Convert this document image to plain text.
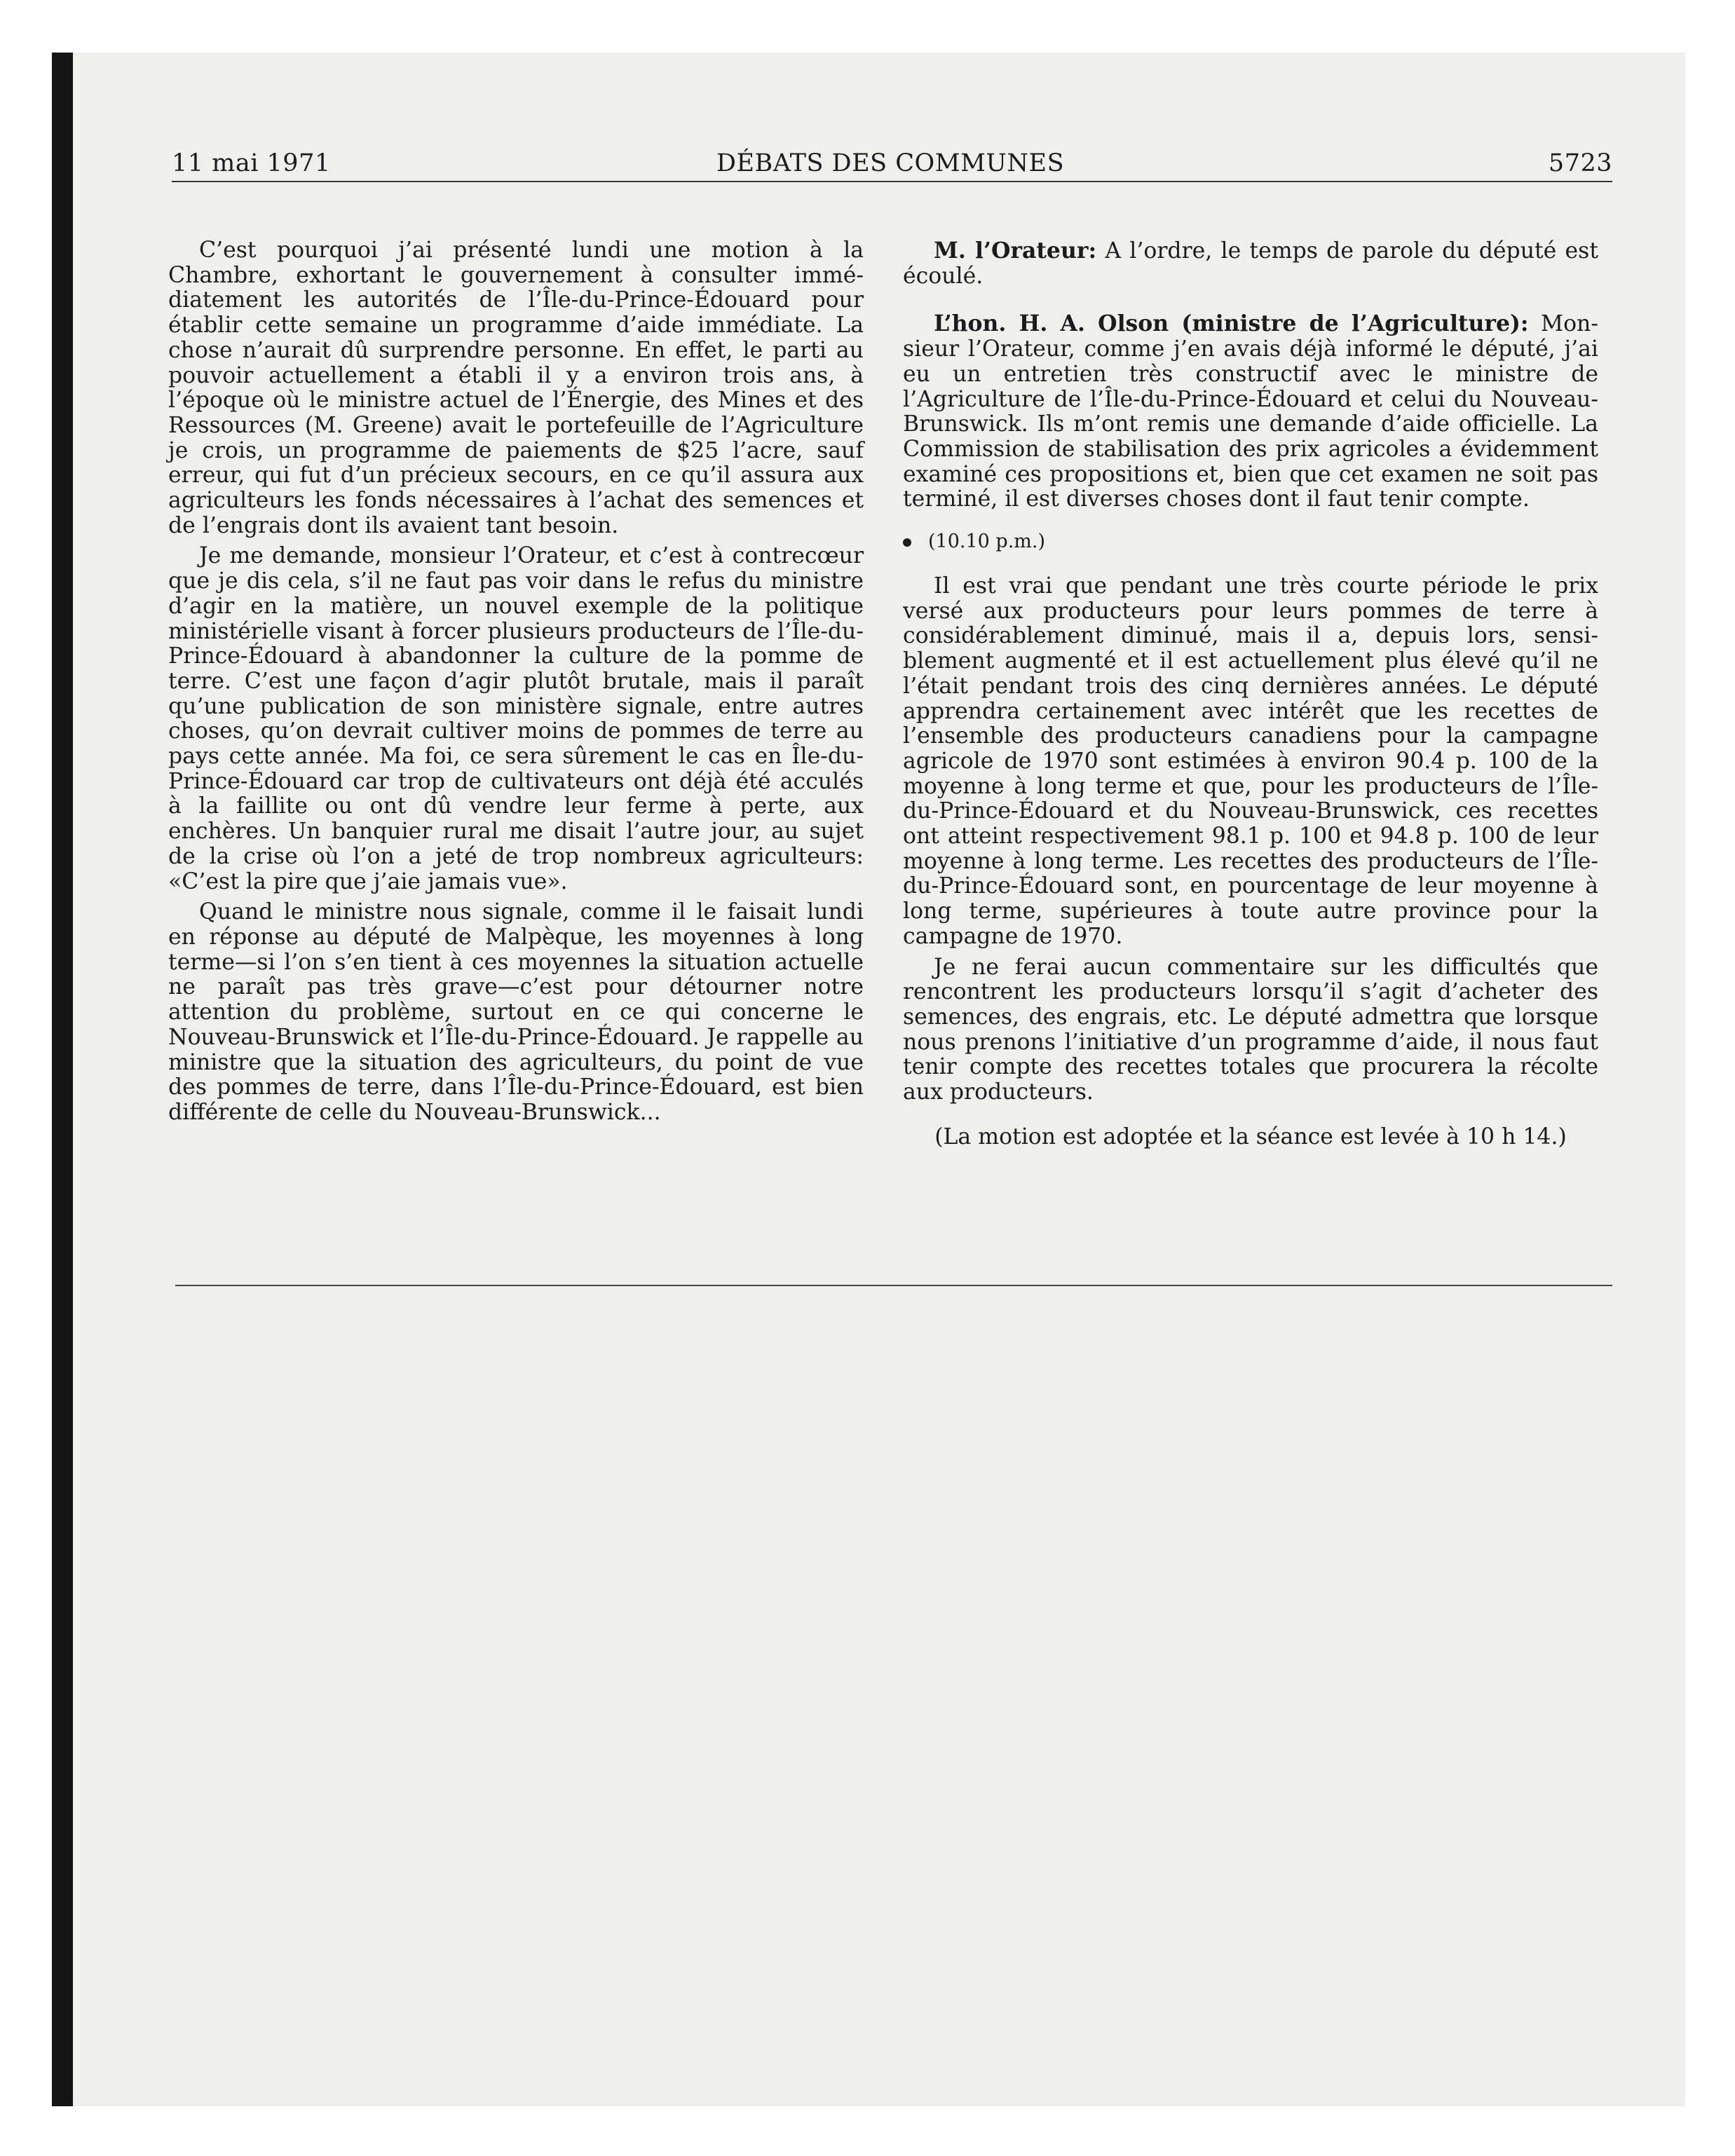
11 mai 1971	DÉBATS DES COMMUNES	5723

C’est pourquoi j’ai présenté lundi une motion à la Chambre, exhortant le gouvernement à consulter immédiatement les autorités de l’Île-du-Prince-Édouard pour établir cette semaine un programme d’aide immédiate. La chose n’aurait dû surprendre personne. En effet, le parti au pouvoir actuellement a établi il y a environ trois ans, à l’époque où le ministre actuel de l’Énergie, des Mines et des Ressources (M. Greene) avait le portefeuille de l’Agriculture je crois, un programme de paiements de $25 l’acre, sauf erreur, qui fut d’un précieux secours, en ce qu’il assura aux agriculteurs les fonds nécessaires à l’achat des semences et de l’engrais dont ils avaient tant besoin.

Je me demande, monsieur l’Orateur, et c’est à contrecœur que je dis cela, s’il ne faut pas voir dans le refus du ministre d’agir en la matière, un nouvel exemple de la politique ministérielle visant à forcer plusieurs producteurs de l’Île-du-Prince-Édouard à abandonner la culture de la pomme de terre. C’est une façon d’agir plutôt brutale, mais il paraît qu’une publication de son ministère signale, entre autres choses, qu’on devrait cultiver moins de pommes de terre au pays cette année. Ma foi, ce sera sûrement le cas en Île-du-Prince-Édouard car trop de cultivateurs ont déjà été acculés à la faillite ou ont dû vendre leur ferme à perte, aux enchères. Un banquier rural me disait l’autre jour, au sujet de la crise où l’on a jeté de trop nombreux agriculteurs: «C’est la pire que j’aie jamais vue».

Quand le ministre nous signale, comme il le faisait lundi en réponse au député de Malpèque, les moyennes à long terme—si l’on s’en tient à ces moyennes la situation actuelle ne paraît pas très grave—c’est pour détourner notre attention du problème, surtout en ce qui concerne le Nouveau-Brunswick et l’Île-du-Prince-Édouard. Je rappelle au ministre que la situation des agriculteurs, du point de vue des pommes de terre, dans l’Île-du-Prince-Édouard, est bien différente de celle du Nouveau-Brunswick...

M. l’Orateur: A l’ordre, le temps de parole du député est écoulé.

L’hon. H. A. Olson (ministre de l’Agriculture): Monsieur l’Orateur, comme j’en avais déjà informé le député, j’ai eu un entretien très constructif avec le ministre de l’Agriculture de l’Île-du-Prince-Édouard et celui du Nouveau-Brunswick. Ils m’ont remis une demande d’aide officielle. La Commission de stabilisation des prix agricoles a évidemment examiné ces propositions et, bien que cet examen ne soit pas terminé, il est diverses choses dont il faut tenir compte.

(10.10 p.m.)

Il est vrai que pendant une très courte période le prix versé aux producteurs pour leurs pommes de terre à considérablement diminué, mais il a, depuis lors, sensiblement augmenté et il est actuellement plus élevé qu’il ne l’était pendant trois des cinq dernières années. Le député apprendra certainement avec intérêt que les recettes de l’ensemble des producteurs canadiens pour la campagne agricole de 1970 sont estimées à environ 90.4 p. 100 de la moyenne à long terme et que, pour les producteurs de l’Île-du-Prince-Édouard et du Nouveau-Brunswick, ces recettes ont atteint respectivement 98.1 p. 100 et 94.8 p. 100 de leur moyenne à long terme. Les recettes des producteurs de l’Île-du-Prince-Édouard sont, en pourcentage de leur moyenne à long terme, supérieures à toute autre province pour la campagne de 1970.

Je ne ferai aucun commentaire sur les difficultés que rencontrent les producteurs lorsqu’il s’agit d’acheter des semences, des engrais, etc. Le député admettra que lorsque nous prenons l’initiative d’un programme d’aide, il nous faut tenir compte des recettes totales que procurera la récolte aux producteurs.

(La motion est adoptée et la séance est levée à 10 h 14.)
